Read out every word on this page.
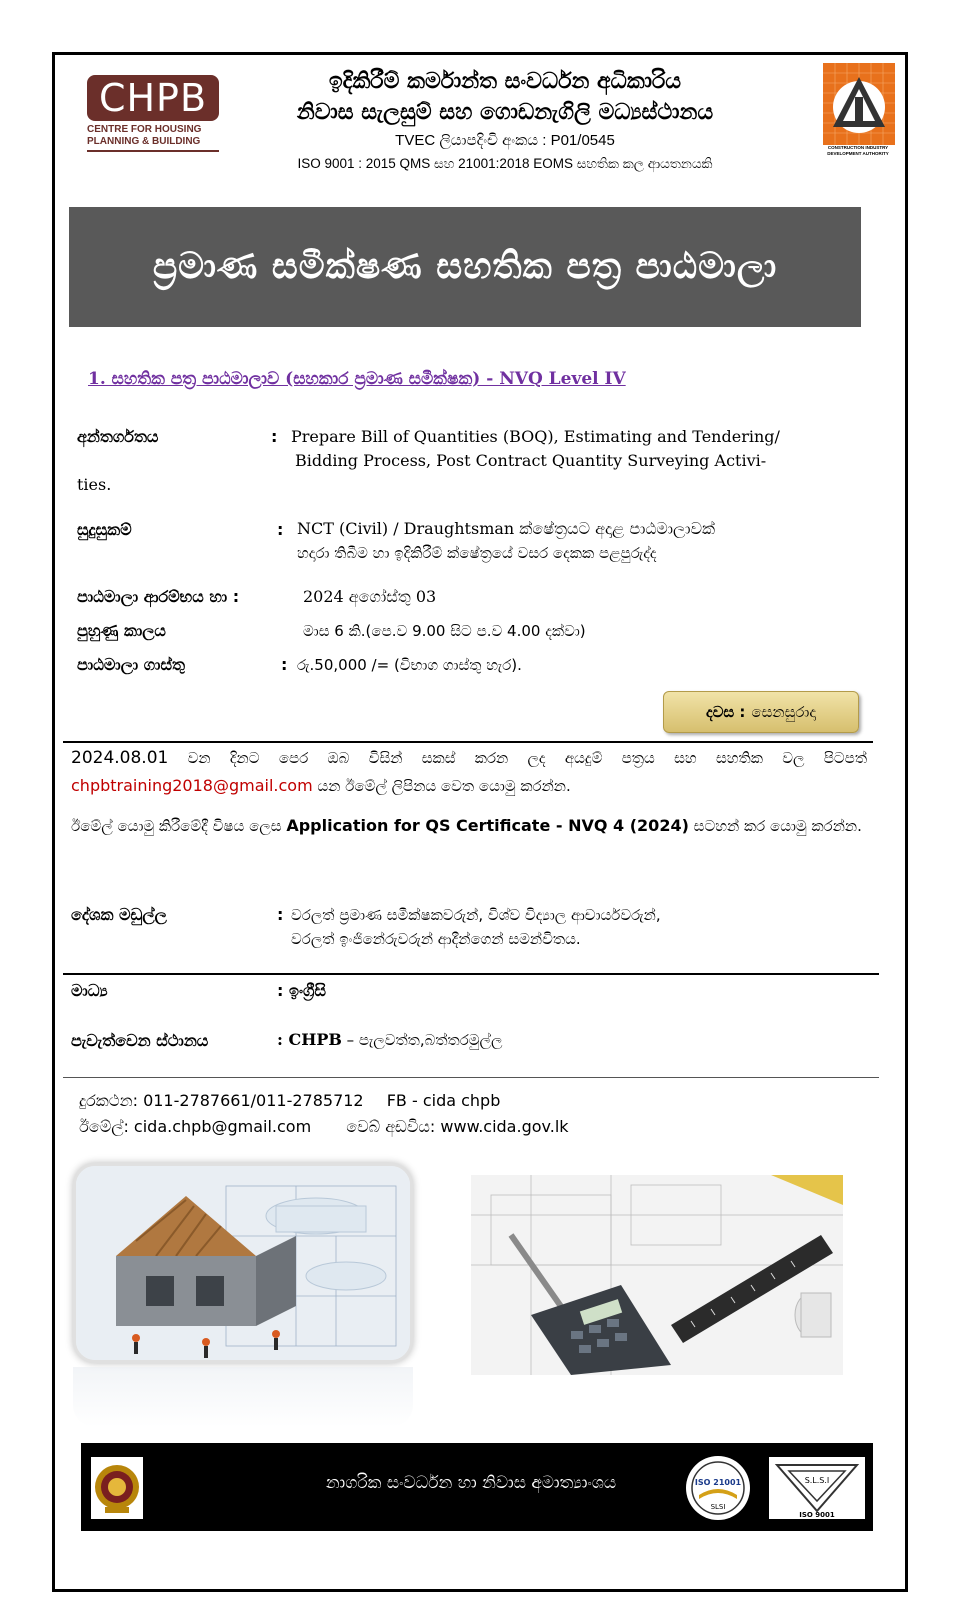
CHPB
CENTRE FOR HOUSING
PLANNING & BUILDING
ඉදිකිරීම් කර්මාන්ත සංවර්ධන අධිකාරිය
නිවාස සැලසුම් සහ ගොඩනැගිලි මධ්‍යස්ථානය
TVEC ලියාපදිංචි අංකය : P01/0545
ISO 9001 : 2015 QMS සහ 21001:2018 EOMS සහතික කල ආයතනයකි
CONSTRUCTION INDUSTRY DEVELOPMENT AUTHORITY
ප්‍රමාණ සමීක්ෂණ සහතික පත්‍ර පාඨමාලා
1. සහතික පත්‍ර පාඨමාලාව (සහකාර ප්‍රමාණ සමීක්ෂක) - NVQ Level IV
අන්තර්ගතය	: Prepare Bill of Quantities (BOQ), Estimating and Tendering/
Bidding Process, Post Contract Quantity Surveying Activi-
ties.
සුදුසුකම්	: NCT (Civil) / Draughtsman ක්ෂේත්‍රයට අදාළ පාඨමාලාවක්
හදාරා තිබීම හා ඉදිකිරීම් ක්ෂේත්‍රයේ වසර දෙකක පළපුරුද්ද
පාඨමාලා ආරම්භය හා :	2024 අගෝස්තු 03
පුහුණු කාලය	මාස 6 කි.(පෙ.ව 9.00 සිට ප.ව 4.00 දක්වා)
පාඨමාලා ගාස්තු	: රු.50,000 /= (විභාග ගාස්තු හැර).
දවස : සෙනසුරාදා
2024.08.01 වන දිනට පෙර ඔබ විසින් සකස් කරන ලද අයදුම් පත්‍රය සහ සහතික වල පිටපත් chpbtraining2018@gmail.com යන ඊමේල් ලිපිනය වෙත යොමු කරන්න.
ඊමේල් යොමු කිරීමේදී විෂය ලෙස Application for QS Certificate - NVQ 4 (2024) සටහන් කර යොමු කරන්න.
දේශක මඩුල්ල	: වරලත් ප්‍රමාණ සමීක්ෂකවරුන්, විශ්ව විද්‍යාල ආචාර්යවරුන්,
වරලත් ඉංජිනේරුවරුන් ආදීන්ගෙන් සමන්විතය.
මාධ්‍ය	: ඉංග්‍රීසි
පැවැත්වෙන ස්ථානය	: CHPB – පැලවත්ත,බත්තරමුල්ල
දුරකථන: 011-2787661/011-2785712 FB - cida chpb
ඊමේල්: cida.chpb@gmail.com වෙබ් අඩවිය: www.cida.gov.lk
නාගරික සංවර්ධන හා නිවාස අමාත්‍යාංශය	ISO 21001
SLSI
S.L.S.I
ISO 9001
